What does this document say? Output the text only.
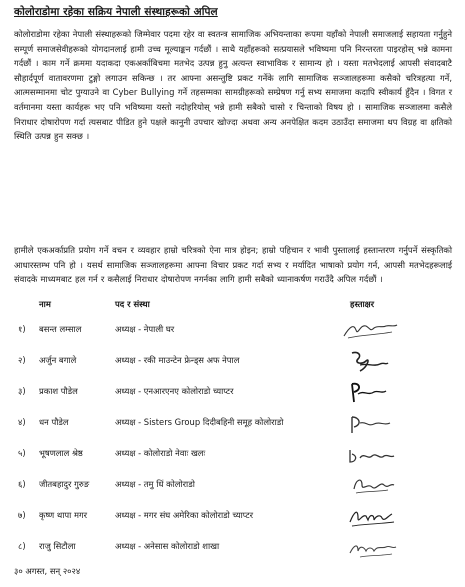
कोलोराडोमा रहेका सक्रिय नेपाली संस्थाहरूको अपिल
कोलोराडोमा रहेका नेपाली संस्थाहरूको जिम्मेवार पदमा रहेर वा स्वतन्त्र सामाजिक अभियन्ताका रूपमा यहाँको नेपाली समाजलाई सहायता गर्नुहुने सम्पूर्ण समाजसेवीहरूको योगदानलाई हामी उच्च मूल्याङ्कन गर्दछौं । साथै यहाँहरूको सत्प्रयासले भविष्यमा पनि निरन्तरता पाइरहोस् भन्ने कामना गर्दछौं । काम गर्ने क्रममा यदाकदा एकअर्काबिचमा मतभेद उत्पन्न हुनु अत्यन्त स्वाभाविक र सामान्य हो । यस्ता मतभेदलाई आपसी संवादबाटै सौहार्दपूर्ण वातावरणमा टुङ्गो लगाउन सकिन्छ । तर आफ्ना असन्तुष्टि प्रकट गर्नेके लागि सामाजिक सञ्जालहरूमा कसैको चरित्रहत्या गर्ने, आत्मसम्मानमा चोट पुग्याउने वा Cyber Bullying गर्ने तहसम्मका सामग्रीहरूको सम्प्रेषण गर्नु सभ्य समाजमा कदापि स्वीकार्य हुँदैन । विगत र वर्तमानमा यस्ता कार्यहरू भए पनि भविष्यमा यस्तो नदोहरियोस् भन्ने हामी सबैको चासो र चिन्ताको विषय हो । सामाजिक सञ्जालमा कसैले निराधार दोषारोपण गर्दा त्यसबाट पीडित हुने पक्षले कानुनी उपचार खोज्दा अथवा अन्य अनपेक्षित कदम उठाउँदा समाजमा थप विग्रह वा क्षतिको स्थिति उत्पन्न हुन सक्छ ।
हामीले एकअर्काप्रति प्रयोग गर्ने वचन र व्यवहार हाम्रो चरित्रको ऐना मात्र होइन; हाम्रो पहिचान र भावी पुस्तालाई हस्तान्तरण गर्नुपर्ने संस्कृतिको आधारस्तम्भ पनि हो । यसर्थ सामाजिक सञ्जालहरूमा आफ्ना विचार प्रकट गर्दा सभ्य र मर्यादित भाषाको प्रयोग गर्न, आपसी मतभेदहरूलाई संवादके माध्यमबाट हल गर्न र कसैलाई निराधार दोषारोपण नगर्नका लागि हामी सबैको ध्यानाकर्षण गराउँदै अपिल गर्दछौं ।
नाम	पद र संस्था	हस्ताक्षर
१) बसन्त लम्साल	अध्यक्ष - नेपाली घर
२) अर्जुन बगाले	अध्यक्ष - रकी माउन्टेन फ्रेन्ड्स अफ नेपाल
३) प्रकाश पौडेल	अध्यक्ष - एनआरएनए कोलोराडो च्याप्टर
४) धन पौडेल	अध्यक्ष - Sisters Group दिदीबहिनी समूह कोलोराडो
५) भूषणलाल श्रेष्ठ	अध्यक्ष - कोलोराडो नेवाः खलः
६) जीतबहादुर गुरुङ	अध्यक्ष - तमु धिं कोलोराडो
७) कृष्ण थापा मगर	अध्यक्ष - मगर संघ अमेरिका कोलोराडो च्याप्टर
८) राजु सिटौला	अध्यक्ष - अनेसास कोलोराडो शाखा
३० अगस्त, सन् २०२४
